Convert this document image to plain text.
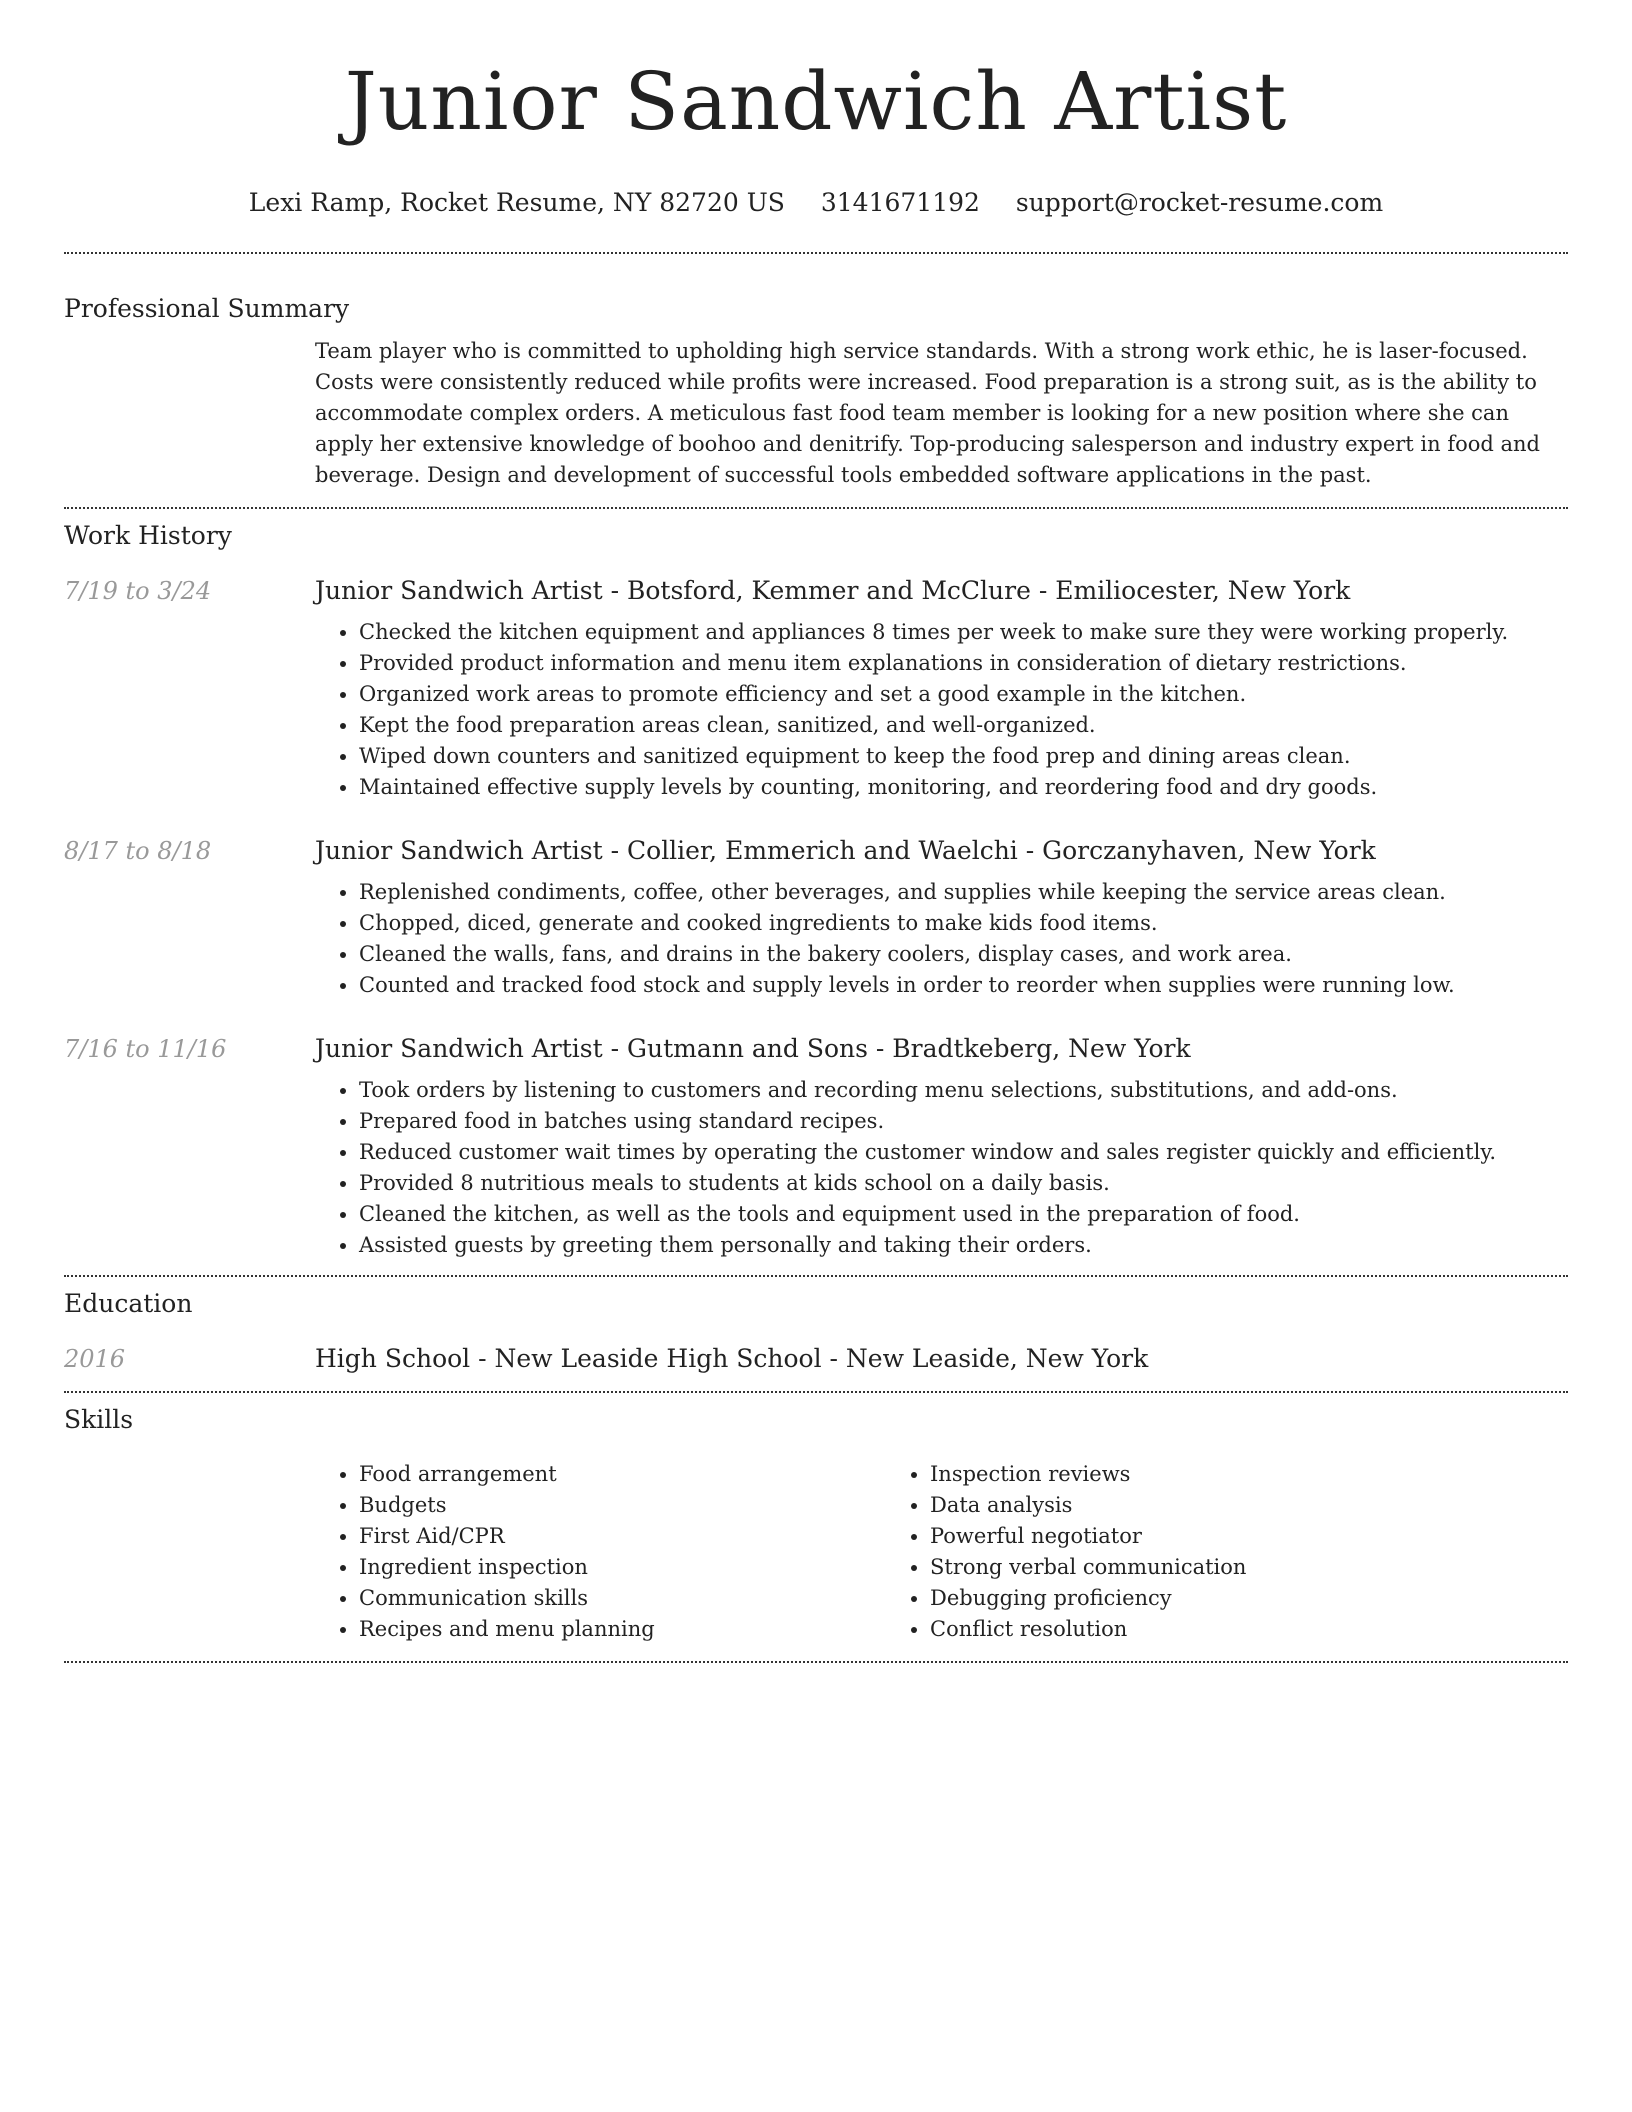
Junior Sandwich Artist
Lexi Ramp, Rocket Resume, NY 82720 US 3141671192 support@rocket-resume.com
Professional Summary

Team player who is committed to upholding high service standards. With a strong work ethic, he is laser-focused. Costs were consistently reduced while profits were increased. Food preparation is a strong suit, as is the ability to accommodate complex orders. A meticulous fast food team member is looking for a new position where she can apply her extensive knowledge of boohoo and denitrify. Top-producing salesperson and industry expert in food and beverage. Design and development of successful tools embedded software applications in the past.

Work History
7/19 to 3/24	Junior Sandwich Artist - Botsford, Kemmer and McClure - Emiliocester, New York
• Checked the kitchen equipment and appliances 8 times per week to make sure they were working properly.
• Provided product information and menu item explanations in consideration of dietary restrictions.
• Organized work areas to promote efficiency and set a good example in the kitchen.
• Kept the food preparation areas clean, sanitized, and well-organized.
• Wiped down counters and sanitized equipment to keep the food prep and dining areas clean.
• Maintained effective supply levels by counting, monitoring, and reordering food and dry goods.
8/17 to 8/18	Junior Sandwich Artist - Collier, Emmerich and Waelchi - Gorczanyhaven, New York
• Replenished condiments, coffee, other beverages, and supplies while keeping the service areas clean.
• Chopped, diced, generate and cooked ingredients to make kids food items.
• Cleaned the walls, fans, and drains in the bakery coolers, display cases, and work area.
• Counted and tracked food stock and supply levels in order to reorder when supplies were running low.
7/16 to 11/16	Junior Sandwich Artist - Gutmann and Sons - Bradtkeberg, New York
• Took orders by listening to customers and recording menu selections, substitutions, and add-ons.
• Prepared food in batches using standard recipes.
• Reduced customer wait times by operating the customer window and sales register quickly and efficiently.
• Provided 8 nutritious meals to students at kids school on a daily basis.
• Cleaned the kitchen, as well as the tools and equipment used in the preparation of food.
• Assisted guests by greeting them personally and taking their orders.
Education
2016	High School - New Leaside High School - New Leaside, New York
Skills
• Food arrangement
• Budgets
• First Aid/CPR
• Ingredient inspection
• Communication skills
• Recipes and menu planning
• Inspection reviews
• Data analysis
• Powerful negotiator
• Strong verbal communication
• Debugging proficiency
• Conflict resolution
